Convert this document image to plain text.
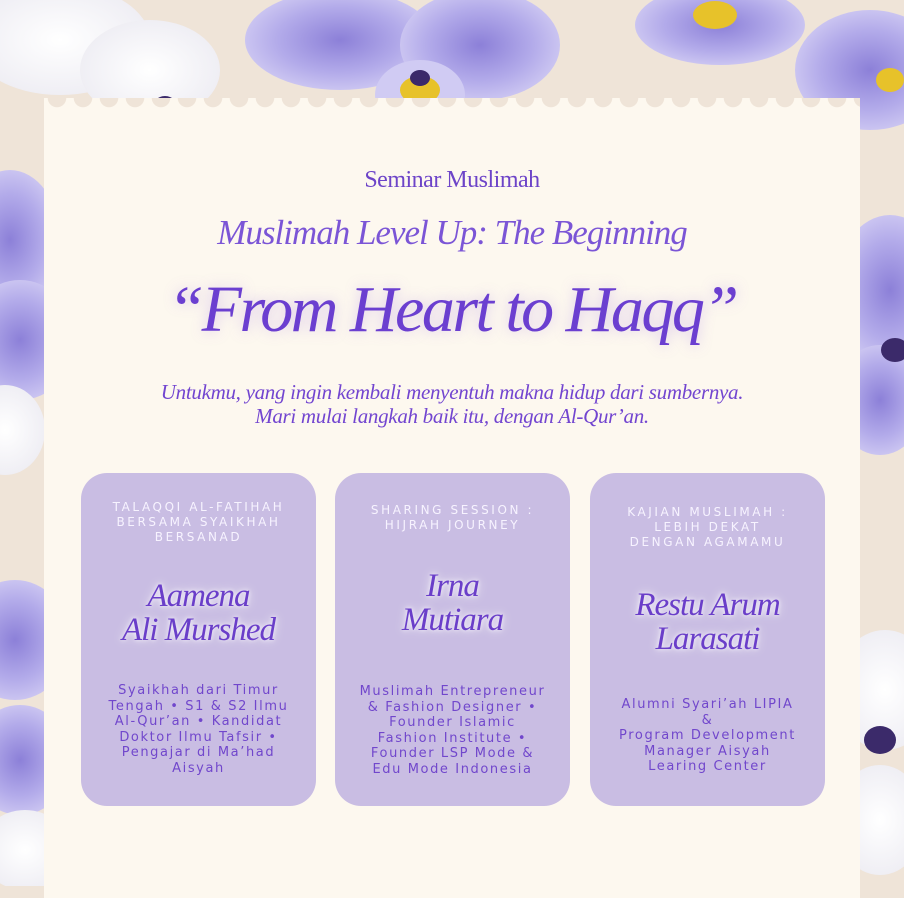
Seminar Muslimah
Muslimah Level Up: The Beginning
“From Heart to Haqq”
Untukmu, yang ingin kembali menyentuh makna hidup dari sumbernya.
Mari mulai langkah baik itu, dengan Al-Qur’an.
TALAQQI AL-FATIHAH
BERSAMA SYAIKHAH
BERSANAD
Aamena
Ali Murshed
Syaikhah dari Timur
Tengah • S1 & S2 Ilmu
Al-Qur’an • Kandidat
Doktor Ilmu Tafsir •
Pengajar di Ma’had
Aisyah
SHARING SESSION :
HIJRAH JOURNEY
Irna
Mutiara
Muslimah Entrepreneur
& Fashion Designer •
Founder Islamic
Fashion Institute •
Founder LSP Mode &
Edu Mode Indonesia
KAJIAN MUSLIMAH :
LEBIH DEKAT
DENGAN AGAMAMU
Restu Arum
Larasati
Alumni Syari’ah LIPIA
&
Program Development
Manager Aisyah
Learing Center
